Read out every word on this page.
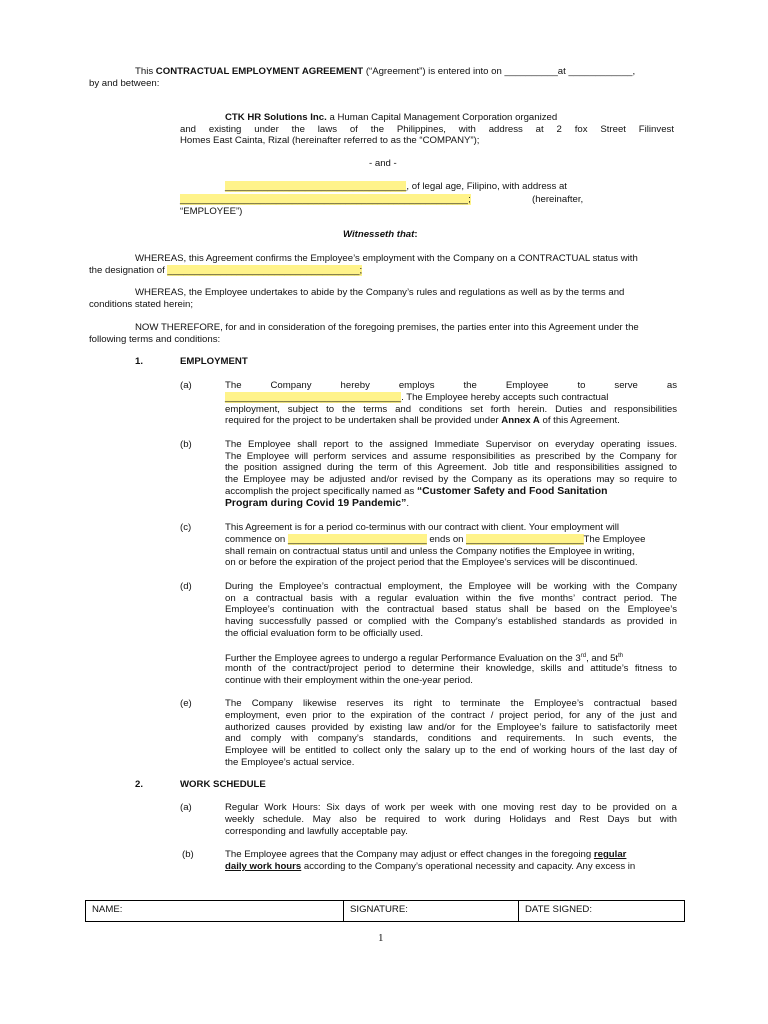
This CONTRACTUAL EMPLOYMENT AGREEMENT (“Agreement”) is entered into on __________at ____________,
by and between:
CTK HR Solutions Inc. a Human Capital Management Corporation organized
and existing under the laws of the Philippines, with address at 2 fox Street Filinvest
Homes East Cainta, Rizal (hereinafter referred to as the “COMPANY”);
- and -
__________________________________, of legal age, Filipino, with address at
______________________________________________________;	(hereinafter,
“EMPLOYEE”)
Witnesseth that:
WHEREAS, this Agreement confirms the Employee’s employment with the Company on a CONTRACTUAL status with
the designation of ____________________________________;
WHEREAS, the Employee undertakes to abide by the Company’s rules and regulations as well as by the terms and
conditions stated herein;
NOW THEREFORE, for and in consideration of the foregoing premises, the parties enter into this Agreement under the
following terms and conditions:
1.	EMPLOYMENT
(a)	The Company hereby employs the Employee to serve as
_________________________________. The Employee hereby accepts such contractual
employment, subject to the terms and conditions set forth herein. Duties and responsibilities
required for the project to be undertaken shall be provided under Annex A of this Agreement.
(b)	The Employee shall report to the assigned Immediate Supervisor on everyday operating issues.
The Employee will perform services and assume responsibilities as prescribed by the Company for
the position assigned during the term of this Agreement. Job title and responsibilities assigned to
the Employee may be adjusted and/or revised by the Company as its operations may so require to
accomplish the project specifically named as “Customer Safety and Food Sanitation
Program during Covid 19 Pandemic”.
(c)	This Agreement is for a period co-terminus with our contract with client. Your employment will
commence on __________________________ ends on ______________________The Employee
shall remain on contractual status until and unless the Company notifies the Employee in writing,
on or before the expiration of the project period that the Employee’s services will be discontinued.
(d)	During the Employee’s contractual employment, the Employee will be working with the Company
on a contractual basis with a regular evaluation within the five months’ contract period. The
Employee’s continuation with the contractual based status shall be based on the Employee’s
having successfully passed or complied with the Company’s established standards as provided in
the official evaluation form to be officially used.
Further the Employee agrees to undergo a regular Performance Evaluation on the 3rd, and $5t^{th}$
month of the contract/project period to determine their knowledge, skills and attitude’s fitness to
continue with their employment within the one-year period.
(e)	The Company likewise reserves its right to terminate the Employee’s contractual based
employment, even prior to the expiration of the contract / project period, for any of the just and
authorized causes provided by existing law and/or for the Employee’s failure to satisfactorily meet
and comply with company’s standards, conditions and requirements. In such events, the
Employee will be entitled to collect only the salary up to the end of working hours of the last day of
the Employee’s actual service.
2.	WORK SCHEDULE
(a)	Regular Work Hours: Six days of work per week with one moving rest day to be provided on a
weekly schedule. May also be required to work during Holidays and Rest Days but with
corresponding and lawfully acceptable pay.
(b)	The Employee agrees that the Company may adjust or effect changes in the foregoing regular
daily work hours according to the Company’s operational necessity and capacity. Any excess in
NAME:	SIGNATURE:	DATE SIGNED:
1
